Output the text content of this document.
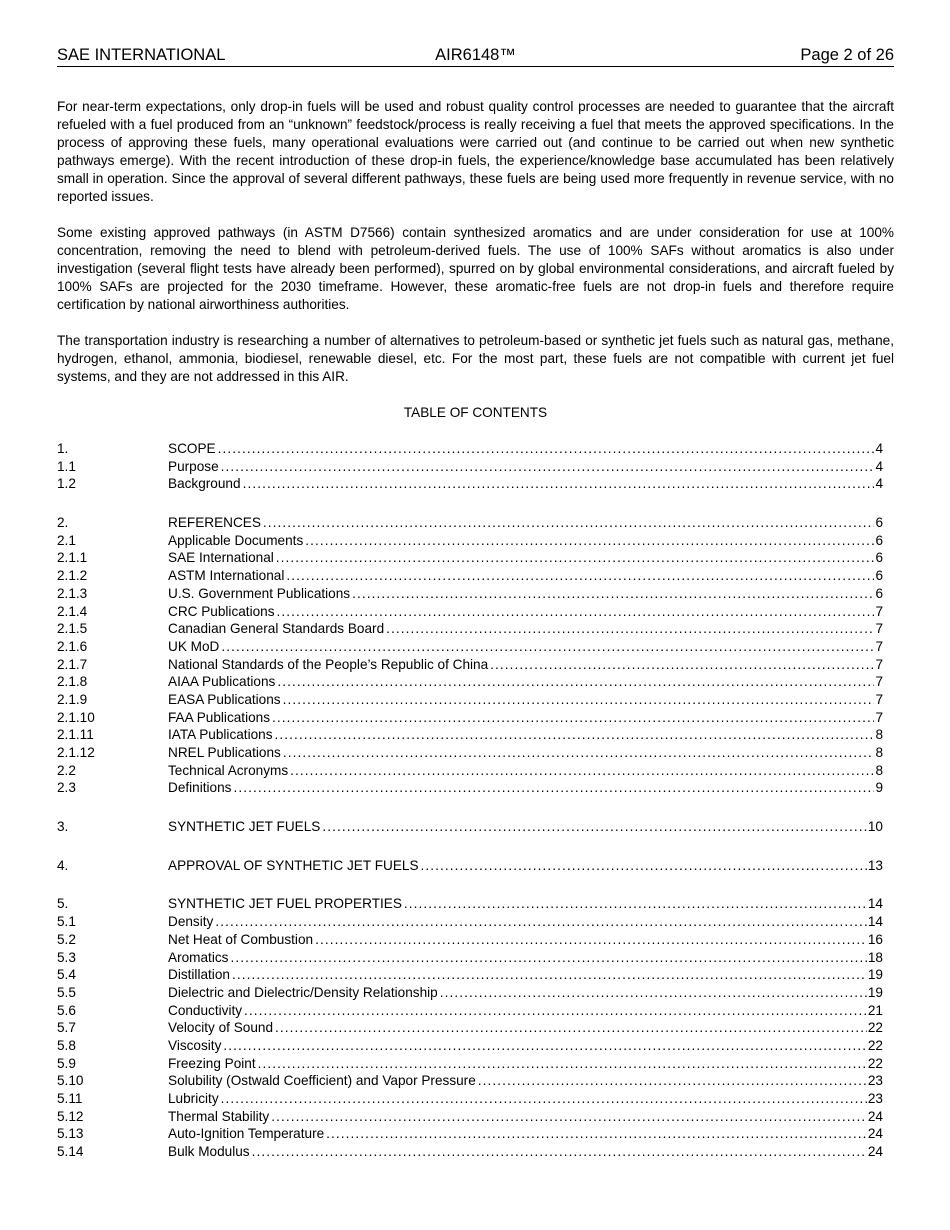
SAE INTERNATIONAL	AIR6148™	Page 2 of 26

For near-term expectations, only drop-in fuels will be used and robust quality control processes are needed to guarantee that the aircraft refueled with a fuel produced from an “unknown” feedstock/process is really receiving a fuel that meets the approved specifications. In the process of approving these fuels, many operational evaluations were carried out (and continue to be carried out when new synthetic pathways emerge). With the recent introduction of these drop-in fuels, the experience/knowledge base accumulated has been relatively small in operation. Since the approval of several different pathways, these fuels are being used more frequently in revenue service, with no reported issues.

Some existing approved pathways (in ASTM D7566) contain synthesized aromatics and are under consideration for use at 100% concentration, removing the need to blend with petroleum-derived fuels. The use of 100% SAFs without aromatics is also under investigation (several flight tests have already been performed), spurred on by global environmental considerations, and aircraft fueled by 100% SAFs are projected for the 2030 timeframe. However, these aromatic-free fuels are not drop-in fuels and therefore require certification by national airworthiness authorities.

The transportation industry is researching a number of alternatives to petroleum-based or synthetic jet fuels such as natural gas, methane, hydrogen, ethanol, ammonia, biodiesel, renewable diesel, etc. For the most part, these fuels are not compatible with current jet fuel systems, and they are not addressed in this AIR.

TABLE OF CONTENTS
1.	SCOPE .....	4
1.1	Purpose .....	4
1.2	Background .....	4
2.	REFERENCES .....	6
2.1	Applicable Documents .....	6
2.1.1	SAE International .....	6
2.1.2	ASTM International .....	6
2.1.3	U.S. Government Publications .....	6
2.1.4	CRC Publications .....	7
2.1.5	Canadian General Standards Board .....	7
2.1.6	UK MoD .....	7
2.1.7	National Standards of the People’s Republic of China .....	7
2.1.8	AIAA Publications .....	7
2.1.9	EASA Publications .....	7
2.1.10	FAA Publications .....	7
2.1.11	IATA Publications .....	8
2.1.12	NREL Publications .....	8
2.2	Technical Acronyms .....	8
2.3	Definitions .....	9
3.	SYNTHETIC JET FUELS .....	10
4.	APPROVAL OF SYNTHETIC JET FUELS .....	13
5.	SYNTHETIC JET FUEL PROPERTIES .....	14
5.1	Density .....	14
5.2	Net Heat of Combustion .....	16
5.3	Aromatics .....	18
5.4	Distillation .....	19
5.5	Dielectric and Dielectric/Density Relationship .....	19
5.6	Conductivity .....	21
5.7	Velocity of Sound .....	22
5.8	Viscosity .....	22
5.9	Freezing Point .....	22
5.10	Solubility (Ostwald Coefficient) and Vapor Pressure .....	23
5.11	Lubricity .....	23
5.12	Thermal Stability .....	24
5.13	Auto-Ignition Temperature .....	24
5.14	Bulk Modulus .....	24
